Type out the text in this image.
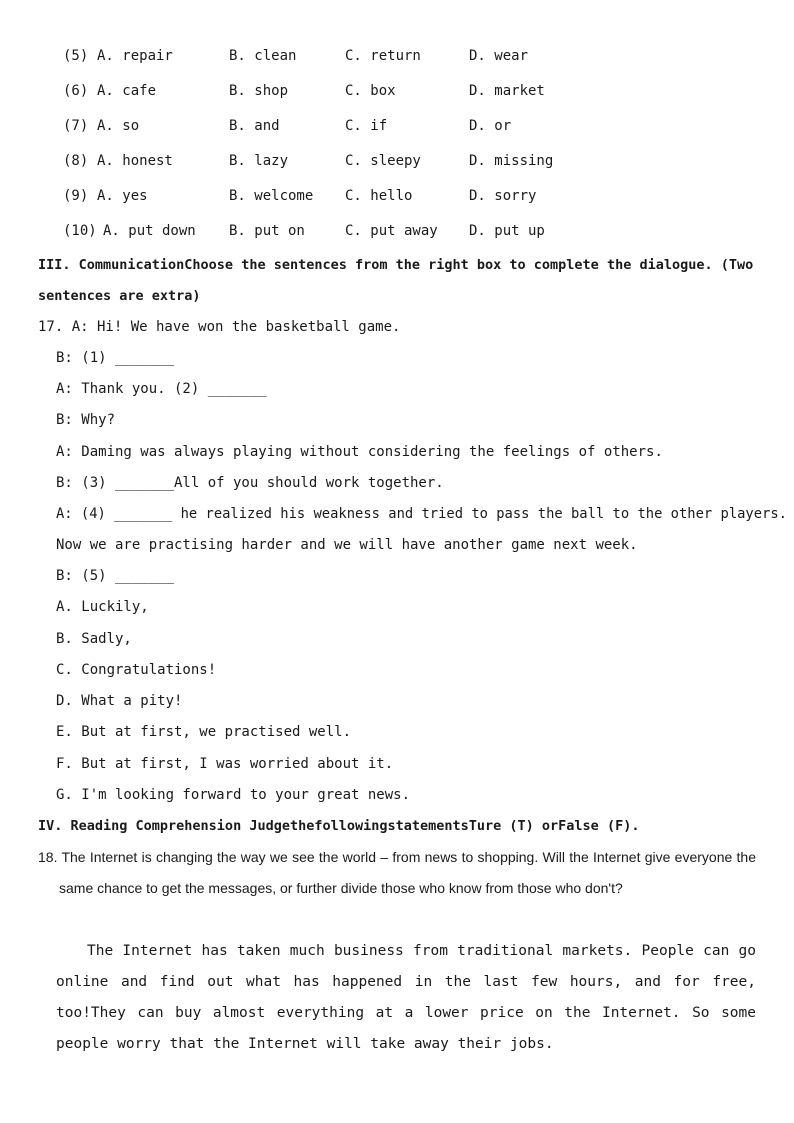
(5) A. repair	B. clean	C. return	D. wear
(6) A. cafe	B. shop	C. box	D. market
(7) A. so	B. and	C. if	D. or
(8) A. honest	B. lazy	C. sleepy	D. missing
(9) A. yes	B. welcome C. hello	D. sorry
(10) A. put down B. put on	C. put away D. put up
III. CommunicationChoose the sentences from the right box to complete the dialogue. (Two
sentences are extra)
17. A: Hi! We have won the basketball game.
B: (1) _______
A: Thank you. (2) _______
B: Why?
A: Daming was always playing without considering the feelings of others.
B: (3) _______All of you should work together.
A: (4) _______ he realized his weakness and tried to pass the ball to the other players.
Now we are practising harder and we will have another game next week.
B: (5) _______
A. Luckily,
B. Sadly,
C. Congratulations!
D. What a pity!
E. But at first, we practised well.
F. But at first, I was worried about it.
G. I'm looking forward to your great news.
IV. Reading Comprehension JudgethefollowingstatementsTure (T) orFalse (F).
18. The Internet is changing the way we see the world – from news to shopping. Will the Internet give everyone the same chance to get the messages, or further divide those who know from those who don't?
The Internet has taken much business from traditional markets. People can go online and find out what has happened in the last few hours, and for free, too!They can buy almost everything at a lower price on the Internet. So some people worry that the Internet will take away their jobs.
